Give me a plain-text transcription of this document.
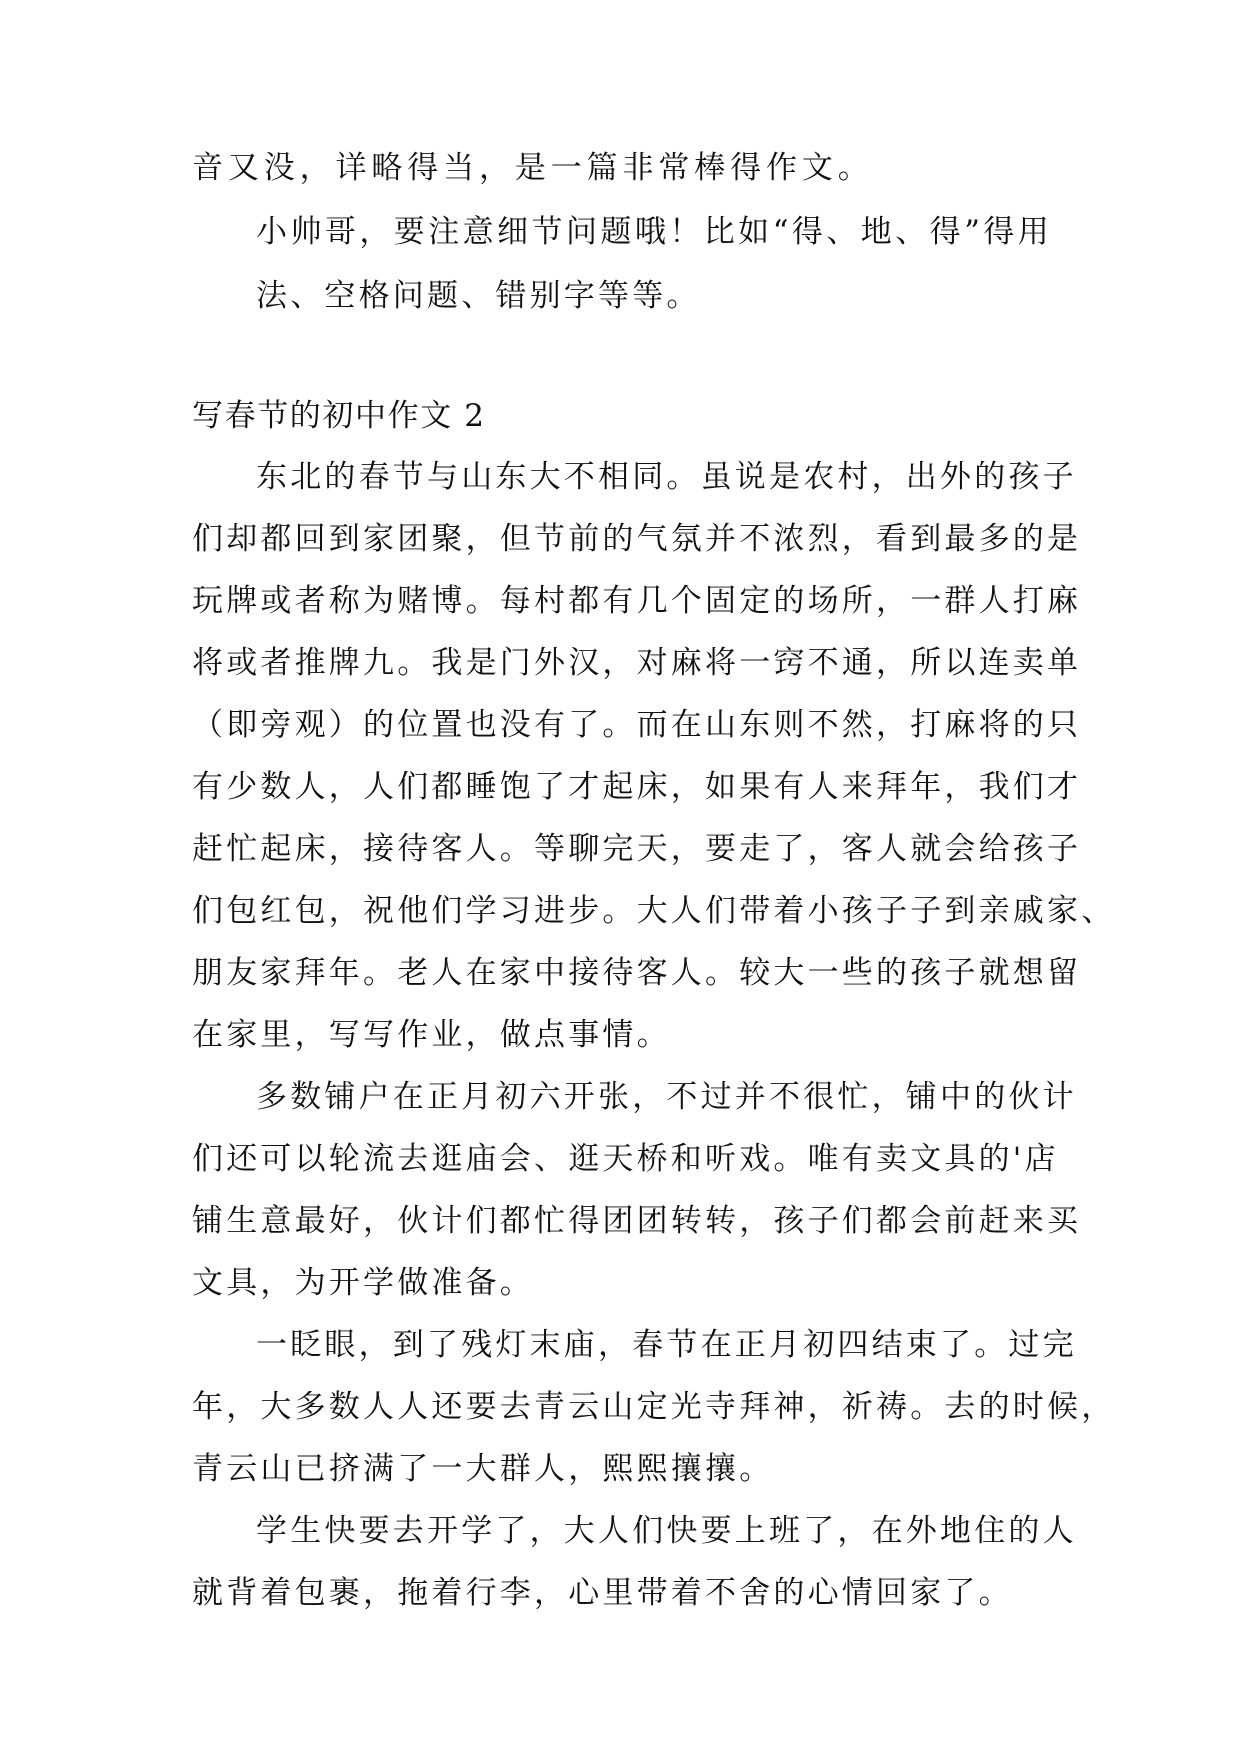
音又没，详略得当，是一篇非常棒得作文。
小帅哥，要注意细节问题哦！比如“得、地、得”得用
法、空格问题、错别字等等。
写春节的初中作文 2
东北的春节与山东大不相同。虽说是农村，出外的孩子
们却都回到家团聚，但节前的气氛并不浓烈，看到最多的是
玩牌或者称为赌博。每村都有几个固定的场所，一群人打麻
将或者推牌九。我是门外汉，对麻将一窍不通，所以连卖单
（即旁观）的位置也没有了。而在山东则不然，打麻将的只
有少数人，人们都睡饱了才起床，如果有人来拜年，我们才
赶忙起床，接待客人。等聊完天，要走了，客人就会给孩子
们包红包，祝他们学习进步。大人们带着小孩子子到亲戚家、
朋友家拜年。老人在家中接待客人。较大一些的孩子就想留
在家里，写写作业，做点事情。
多数铺户在正月初六开张，不过并不很忙，铺中的伙计
们还可以轮流去逛庙会、逛天桥和听戏。唯有卖文具的'店
铺生意最好，伙计们都忙得团团转转，孩子们都会前赶来买
文具，为开学做准备。
一眨眼，到了残灯末庙，春节在正月初四结束了。过完
年，大多数人人还要去青云山定光寺拜神，祈祷。去的时候，
青云山已挤满了一大群人，熙熙攘攘。
学生快要去开学了，大人们快要上班了，在外地住的人
就背着包裹，拖着行李，心里带着不舍的心情回家了。
